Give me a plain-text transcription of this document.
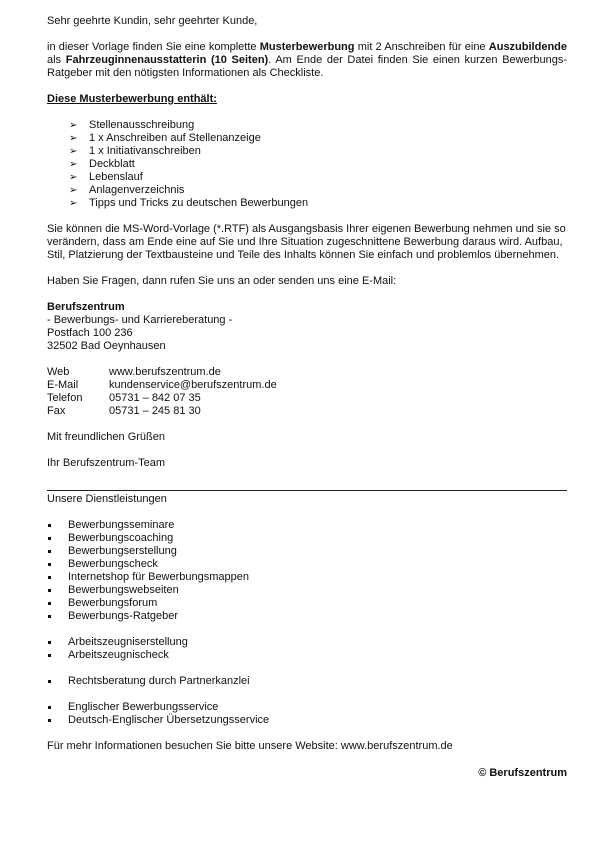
Sehr geehrte Kundin, sehr geehrter Kunde,

in dieser Vorlage finden Sie eine komplette Musterbewerbung mit 2 Anschreiben für eine Auszubildende als Fahrzeuginnenausstatterin (10 Seiten). Am Ende der Datei finden Sie einen kurzen Bewerbungs-Ratgeber mit den nötigsten Informationen als Checkliste.

Diese Musterbewerbung enthält:

➢ Stellenausschreibung
➢ 1 x Anschreiben auf Stellenanzeige
➢ 1 x Initiativanschreiben
➢ Deckblatt
➢ Lebenslauf
➢ Anlagenverzeichnis
➢ Tipps und Tricks zu deutschen Bewerbungen

Sie können die MS-Word-Vorlage (*.RTF) als Ausgangsbasis Ihrer eigenen Bewerbung nehmen und sie so verändern, dass am Ende eine auf Sie und Ihre Situation zugeschnittene Bewerbung daraus wird. Aufbau, Stil, Platzierung der Textbausteine und Teile des Inhalts können Sie einfach und problemlos übernehmen.

Haben Sie Fragen, dann rufen Sie uns an oder senden uns eine E-Mail:

Berufszentrum

- Bewerbungs- und Karriereberatung -

Postfach 100 236

32502 Bad Oeynhausen

Web	www.berufszentrum.de
E-Mail	kundenservice@berufszentrum.de
Telefon	05731 – 842 07 35
Fax	05731 – 245 81 30

Mit freundlichen Grüßen

Ihr Berufszentrum-Team

Unsere Dienstleistungen

Bewerbungsseminare
Bewerbungscoaching
Bewerbungserstellung
Bewerbungscheck
Internetshop für Bewerbungsmappen
Bewerbungswebseiten
Bewerbungsforum
Bewerbungs-Ratgeber
Arbeitszeugniserstellung
Arbeitszeugnischeck
Rechtsberatung durch Partnerkanzlei
Englischer Bewerbungsservice
Deutsch-Englischer Übersetzungsservice

Für mehr Informationen besuchen Sie bitte unsere Website: www.berufszentrum.de

© Berufszentrum
